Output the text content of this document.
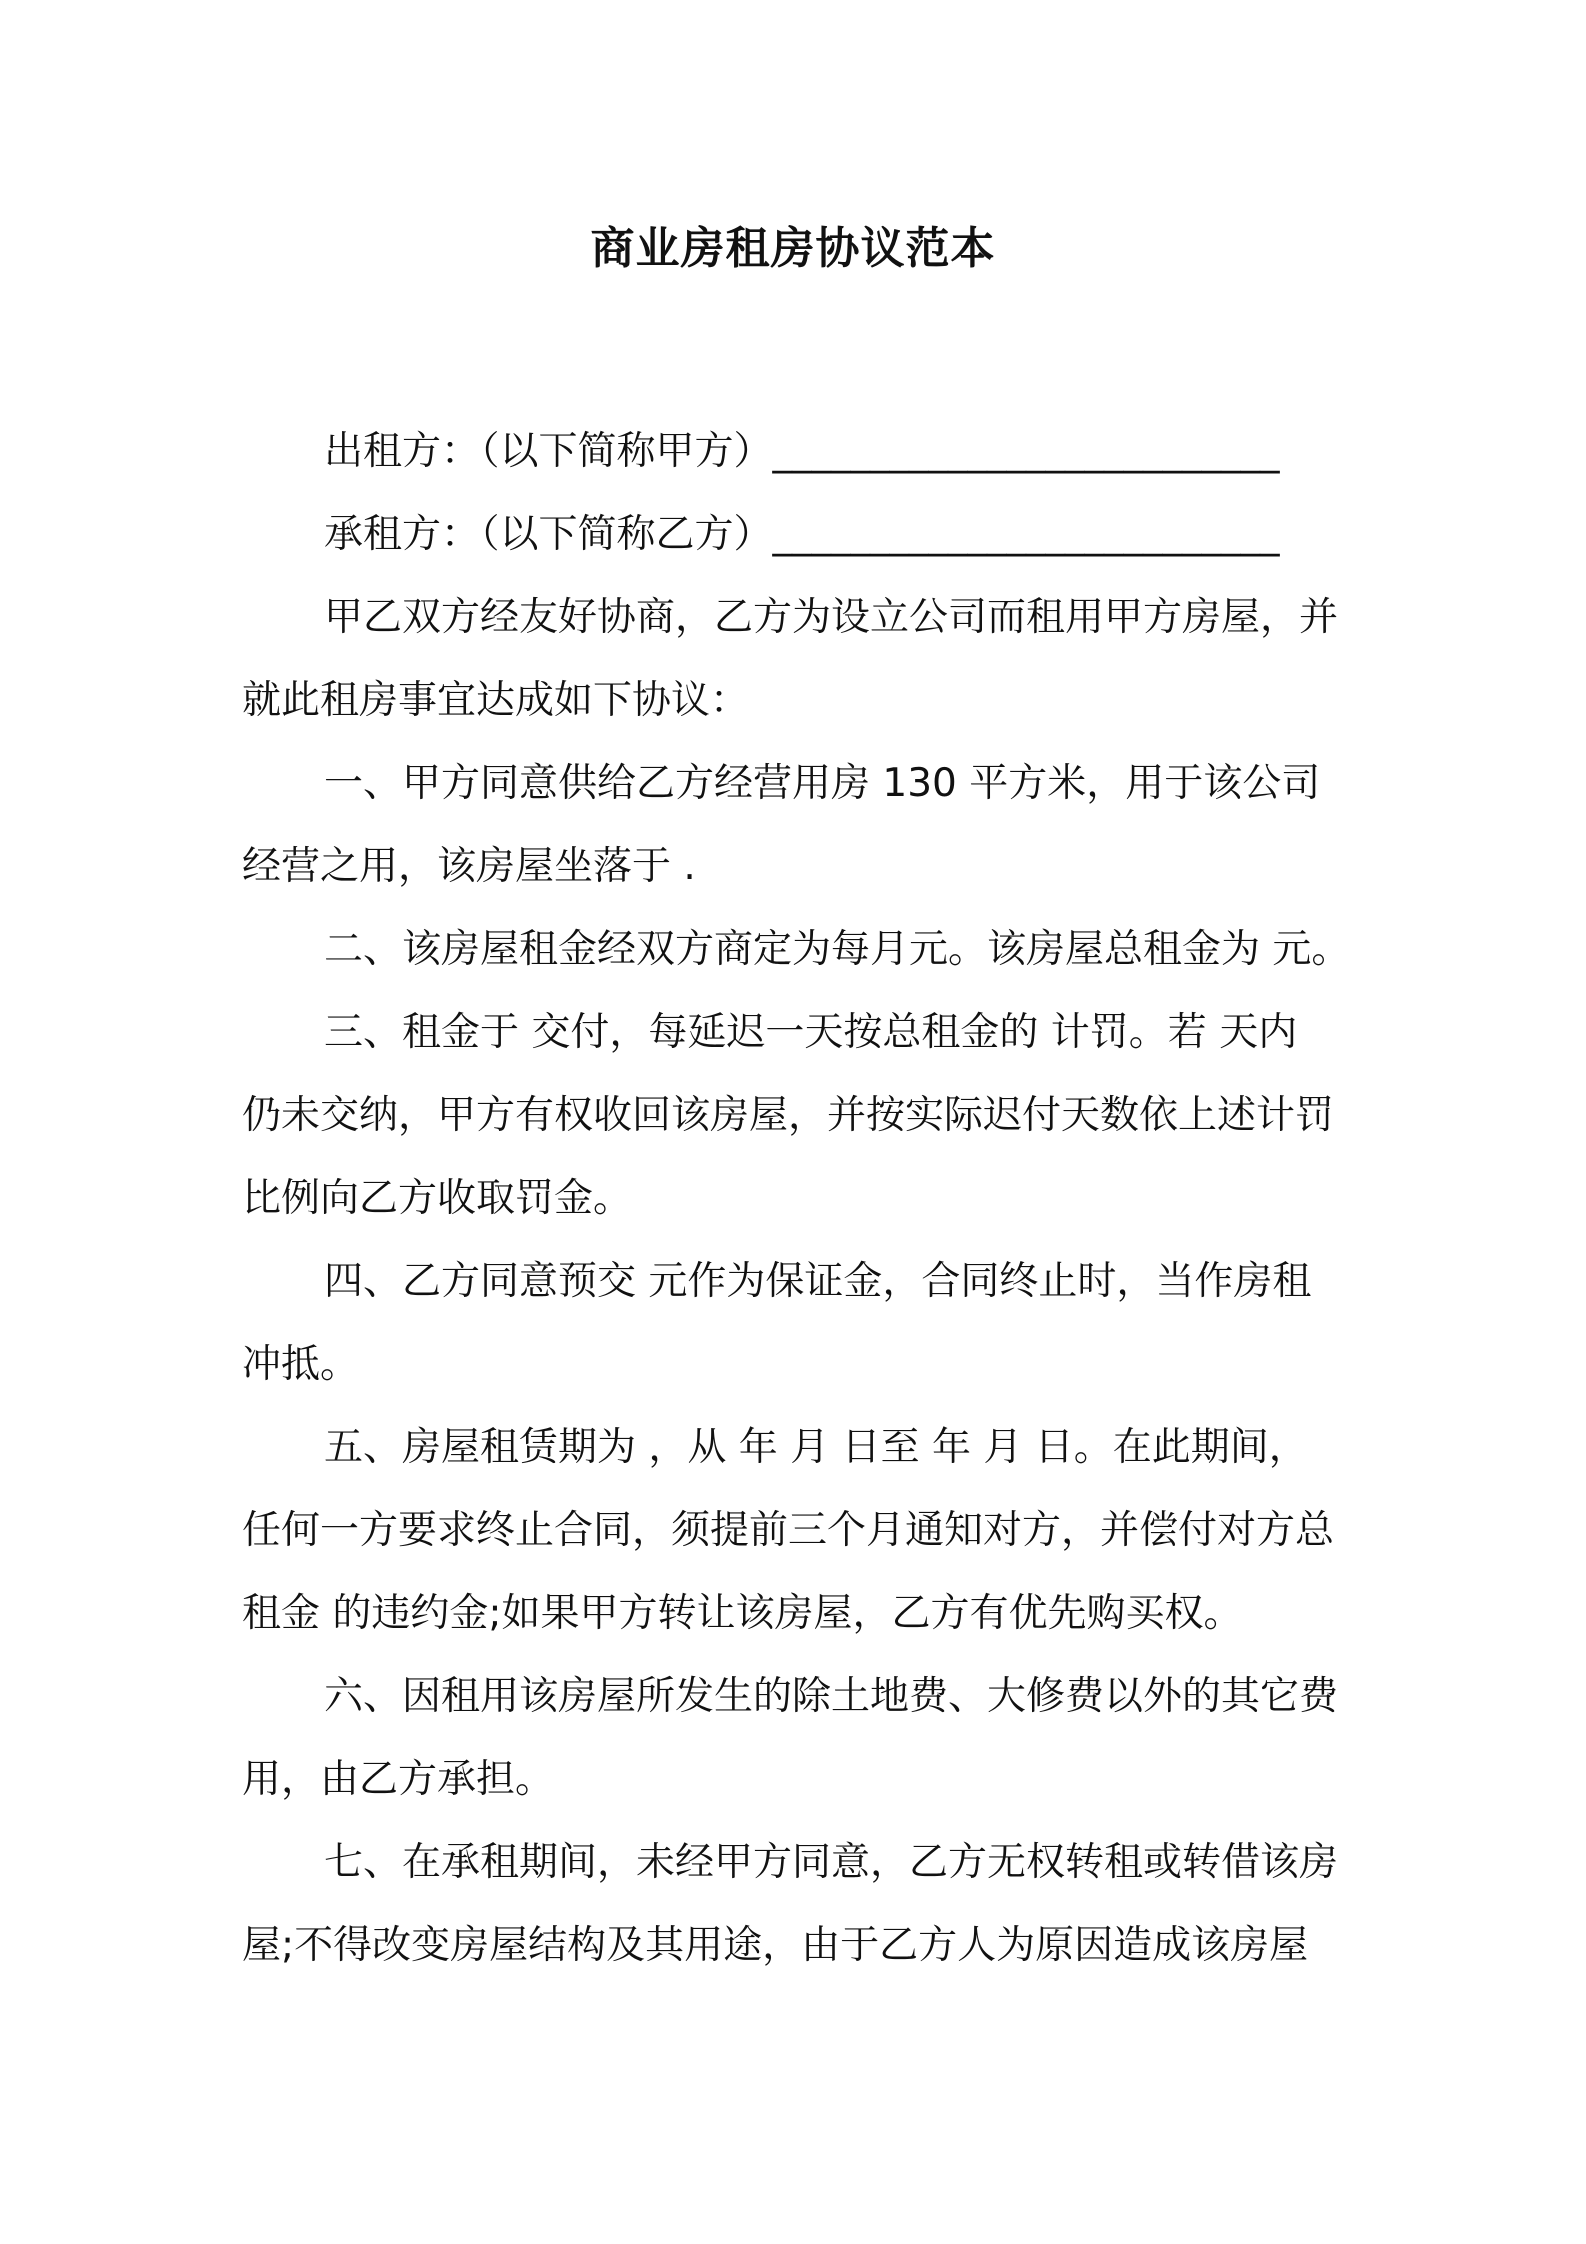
商业房租房协议范本
出租方：（以下简称甲方）__________________________
承租方：（以下简称乙方）__________________________
甲乙双方经友好协商，乙方为设立公司而租用甲方房屋，并
就此租房事宜达成如下协议：
一、甲方同意供给乙方经营用房 130 平方米，用于该公司
经营之用，该房屋坐落于 .
二、该房屋租金经双方商定为每月元。该房屋总租金为 元。
三、租金于 交付，每延迟一天按总租金的 计罚。若 天内
仍未交纳，甲方有权收回该房屋，并按实际迟付天数依上述计罚
比例向乙方收取罚金。
四、乙方同意预交 元作为保证金，合同终止时，当作房租
冲抵。
五、房屋租赁期为 ，从 年 月 日至 年 月 日。在此期间，
任何一方要求终止合同，须提前三个月通知对方，并偿付对方总
租金 的违约金;如果甲方转让该房屋，乙方有优先购买权。
六、因租用该房屋所发生的除土地费、大修费以外的其它费
用，由乙方承担。
七、在承租期间，未经甲方同意，乙方无权转租或转借该房
屋;不得改变房屋结构及其用途，由于乙方人为原因造成该房屋
